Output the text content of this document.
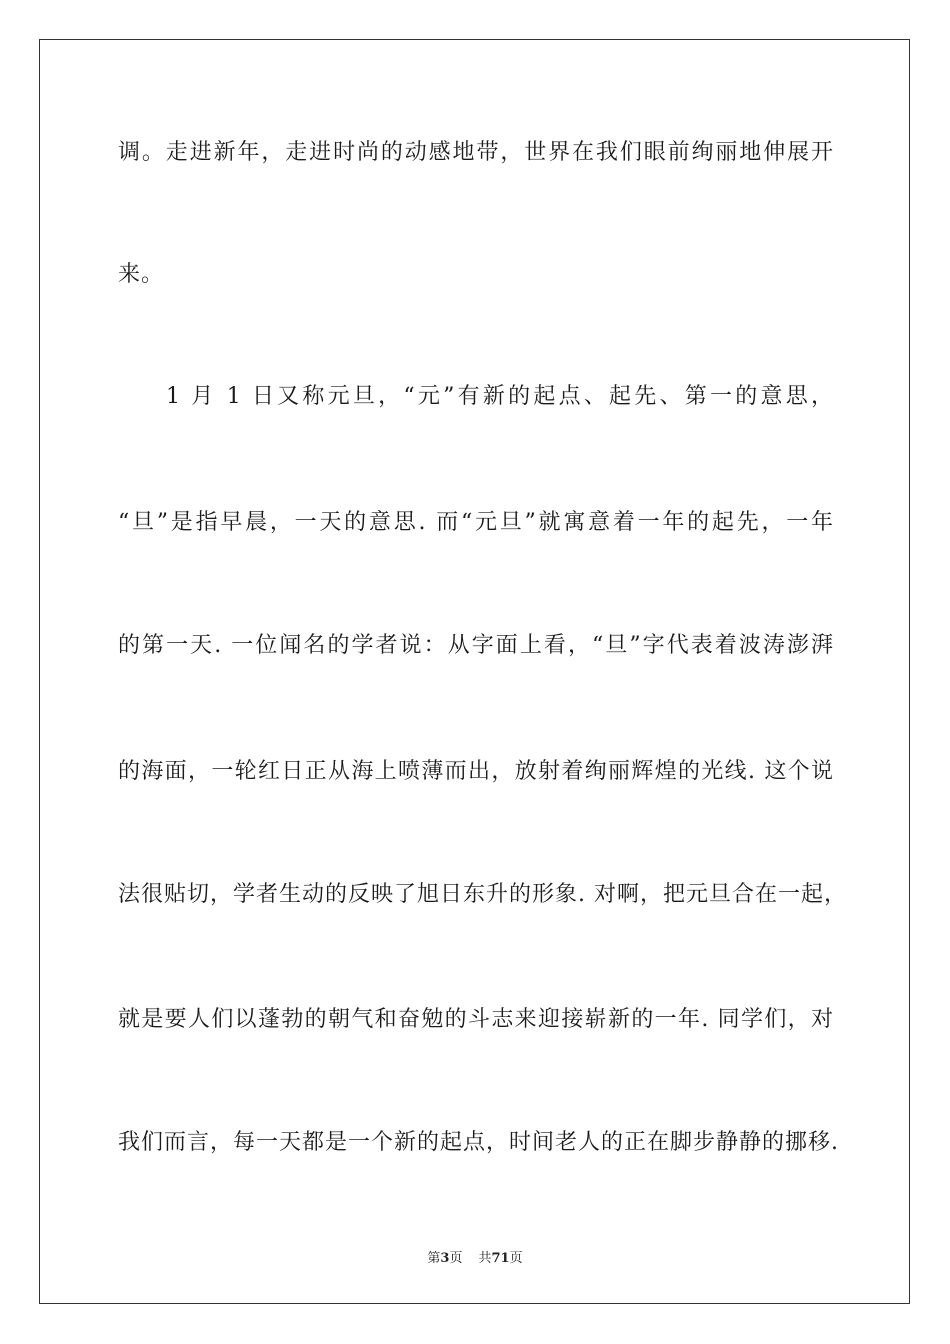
调。走进新年，走进时尚的动感地带，世界在我们眼前绚丽地伸展开
来。
1 月 1 日又称元旦，“元”有新的起点、起先、第一的意思，
“旦”是指早晨，一天的意思. 而“元旦”就寓意着一年的起先，一年
的第一天. 一位闻名的学者说：从字面上看，“旦”字代表着波涛澎湃
的海面，一轮红日正从海上喷薄而出，放射着绚丽辉煌的光线. 这个说
法很贴切，学者生动的反映了旭日东升的形象. 对啊，把元旦合在一起，
就是要人们以蓬勃的朝气和奋勉的斗志来迎接崭新的一年. 同学们，对
我们而言，每一天都是一个新的起点，时间老人的正在脚步静静的挪移.
第3页 共71页
